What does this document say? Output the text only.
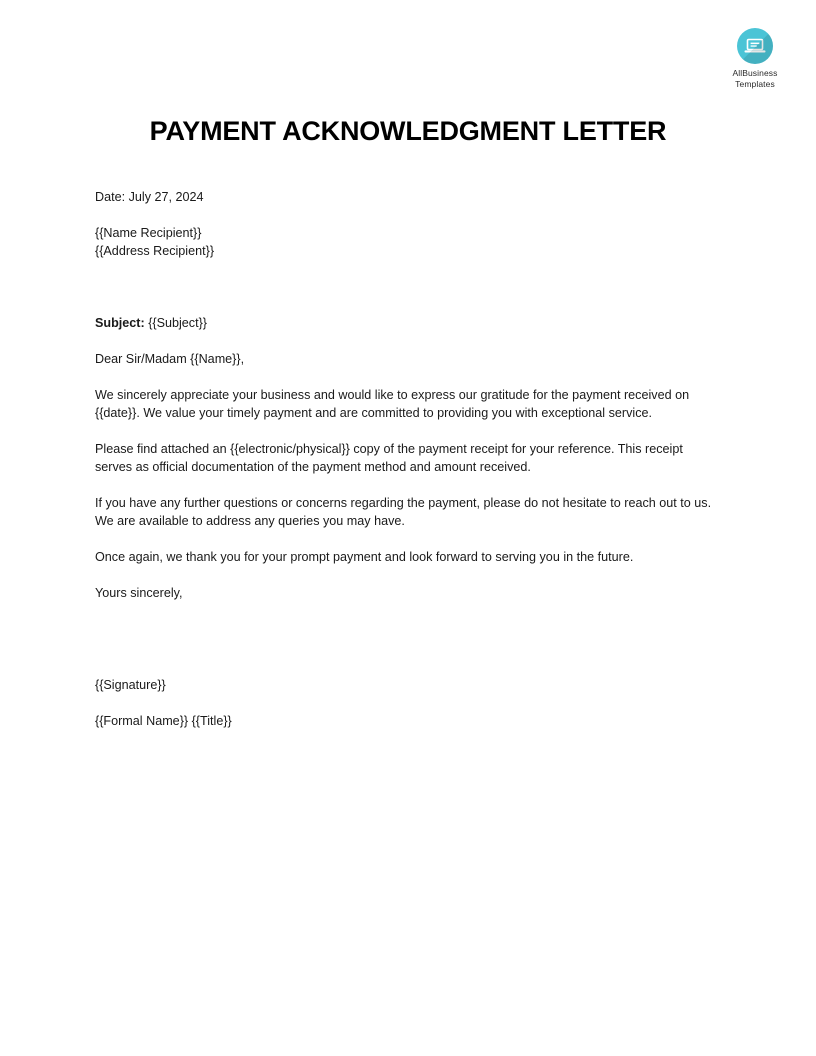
AllBusiness
Templates
PAYMENT ACKNOWLEDGMENT LETTER

Date: July 27, 2024

{{Name Recipient}}

{{Address Recipient}}

Subject: {{Subject}}

Dear Sir/Madam {{Name}},

We sincerely appreciate your business and would like to express our gratitude for the payment received on {{date}}. We value your timely payment and are committed to providing you with exceptional service.

Please find attached an {{electronic/physical}} copy of the payment receipt for your reference. This receipt serves as official documentation of the payment method and amount received.

If you have any further questions or concerns regarding the payment, please do not hesitate to reach out to us. We are available to address any queries you may have.

Once again, we thank you for your prompt payment and look forward to serving you in the future.

Yours sincerely,

{{Signature}}

{{Formal Name}} {{Title}}
